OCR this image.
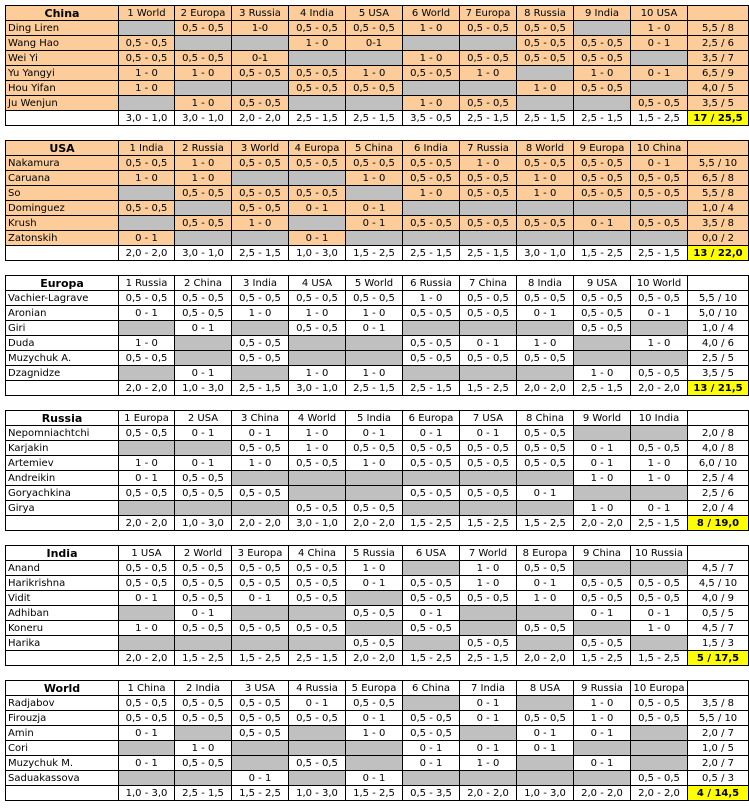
China	1 World	2 Europa	3 Russia	4 India	5 USA	6 World	7 Europa	8 Russia	9 India	10 USA	
Ding Liren		0,5 - 0,5	1-0	0,5 - 0,5	0,5 - 0,5	1 - 0	0,5 - 0,5	0,5 - 0,5		1 - 0	5,5 / 8
Wang Hao	0,5 - 0,5			1 - 0	0-1			0,5 - 0,5	0,5 - 0,5	0 - 1	2,5 / 6
Wei Yi	0,5 - 0,5	0,5 - 0,5	0-1			1 - 0	0,5 - 0,5	0,5 - 0,5	0,5 - 0,5		3,5 / 7
Yu Yangyi	1 - 0	1 - 0	0,5 - 0,5	0,5 - 0,5	1 - 0	0,5 - 0,5	1 - 0		1 - 0	0 - 1	6,5 / 9
Hou Yifan	1 - 0			0,5 - 0,5	0,5 - 0,5			1 - 0	0,5 - 0,5		4,0 / 5
Ju Wenjun		1 - 0	0,5 - 0,5			1 - 0	0,5 - 0,5			0,5 - 0,5	3,5 / 5
	3,0 - 1,0	3,0 - 1,0	2,0 - 2,0	2,5 - 1,5	2,5 - 1,5	3,5 - 0,5	2,5 - 1,5	2,5 - 1,5	2,5 - 1,5	1,5 - 2,5	17 / 25,5
USA	1 India	2 Russia	3 World	4 Europa	5 China	6 India	7 Russia	8 World	9 Europa	10 China	
Nakamura	0,5 - 0,5	1 - 0	0,5 - 0,5	0,5 - 0,5	0,5 - 0,5	0,5 - 0,5	1 - 0	0,5 - 0,5	0,5 - 0,5	0 - 1	5,5 / 10
Caruana	1 - 0	1 - 0			1 - 0	0,5 - 0,5	0,5 - 0,5	1 - 0	0,5 - 0,5	0,5 - 0,5	6,5 / 8
So		0,5 - 0,5	0,5 - 0,5	0,5 - 0,5		1 - 0	0,5 - 0,5	1 - 0	0,5 - 0,5	0,5 - 0,5	5,5 / 8
Dominguez	0,5 - 0,5		0,5 - 0,5	0 - 1	0 - 1						1,0 / 4
Krush		0,5 - 0,5	1 - 0		0 - 1	0,5 - 0,5	0,5 - 0,5	0,5 - 0,5	0 - 1	0,5 - 0,5	3,5 / 8
Zatonskih	0 - 1			0 - 1							0,0 / 2
	2,0 - 2,0	3,0 - 1,0	2,5 - 1,5	1,0 - 3,0	1,5 - 2,5	2,5 - 1,5	2,5 - 1,5	3,0 - 1,0	1,5 - 2,5	2,5 - 1,5	13 / 22,0
Europa	1 Russia	2 China	3 India	4 USA	5 World	6 Russia	7 China	8 India	9 USA	10 World	
Vachier-Lagrave	0,5 - 0,5	0,5 - 0,5	0,5 - 0,5	0,5 - 0,5	0,5 - 0,5	1 - 0	0,5 - 0,5	0,5 - 0,5	0,5 - 0,5	0,5 - 0,5	5,5 / 10
Aronian	0 - 1	0,5 - 0,5	1 - 0	1 - 0	1 - 0	0,5 - 0,5	0,5 - 0,5	0 - 1	0,5 - 0,5	0 - 1	5,0 / 10
Giri		0 - 1		0,5 - 0,5	0 - 1				0,5 - 0,5		1,0 / 4
Duda	1 - 0		0,5 - 0,5			0,5 - 0,5	0 - 1	1 - 0		1 - 0	4,0 / 6
Muzychuk A.	0,5 - 0,5		0,5 - 0,5			0,5 - 0,5	0,5 - 0,5	0,5 - 0,5			2,5 / 5
Dzagnidze		0 - 1		1 - 0	1 - 0				1 - 0	0,5 - 0,5	3,5 / 5
	2,0 - 2,0	1,0 - 3,0	2,5 - 1,5	3,0 - 1,0	2,5 - 1,5	2,5 - 1,5	1,5 - 2,5	2,0 - 2,0	2,5 - 1,5	2,0 - 2,0	13 / 21,5
Russia	1 Europa	2 USA	3 China	4 World	5 India	6 Europa	7 USA	8 China	9 World	10 India	
Nepomniachtchi	0,5 - 0,5	0 - 1	0 - 1	1 - 0	0 - 1	0 - 1	0 - 1	0,5 - 0,5			2,0 / 8
Karjakin			0,5 - 0,5	1 - 0	0,5 - 0,5	0,5 - 0,5	0,5 - 0,5	0,5 - 0,5	0 - 1	0,5 - 0,5	4,0 / 8
Artemiev	1 - 0	0 - 1	1 - 0	0,5 - 0,5	1 - 0	0,5 - 0,5	0,5 - 0,5	0,5 - 0,5	0 - 1	1 - 0	6,0 / 10
Andreikin	0 - 1	0,5 - 0,5							1 - 0	1 - 0	2,5 / 4
Goryachkina	0,5 - 0,5	0,5 - 0,5	0,5 - 0,5			0,5 - 0,5	0,5 - 0,5	0 - 1			2,5 / 6
Girya				0,5 - 0,5	0,5 - 0,5				1 - 0	0 - 1	2,0 / 4
	2,0 - 2,0	1,0 - 3,0	2,0 - 2,0	3,0 - 1,0	2,0 - 2,0	1,5 - 2,5	1,5 - 2,5	1,5 - 2,5	2,0 - 2,0	2,5 - 1,5	8 / 19,0
India	1 USA	2 World	3 Europa	4 China	5 Russia	6 USA	7 World	8 Europa	9 China	10 Russia	
Anand	0,5 - 0,5	0,5 - 0,5	0,5 - 0,5	0,5 - 0,5	1 - 0		1 - 0	0,5 - 0,5			4,5 / 7
Harikrishna	0,5 - 0,5	0,5 - 0,5	0,5 - 0,5	0,5 - 0,5	0 - 1	0,5 - 0,5	1 - 0	0 - 1	0,5 - 0,5	0,5 - 0,5	4,5 / 10
Vidit	0 - 1	0,5 - 0,5	0 - 1	0,5 - 0,5		0,5 - 0,5	0,5 - 0,5	1 - 0	0,5 - 0,5	0,5 - 0,5	4,0 / 9
Adhiban		0 - 1			0,5 - 0,5	0 - 1			0 - 1	0 - 1	0,5 / 5
Koneru	1 - 0	0,5 - 0,5	0,5 - 0,5	0,5 - 0,5		0,5 - 0,5		0,5 - 0,5		1 - 0	4,5 / 7
Harika					0,5 - 0,5		0,5 - 0,5		0,5 - 0,5		1,5 / 3
	2,0 - 2,0	1,5 - 2,5	1,5 - 2,5	2,5 - 1,5	2,0 - 2,0	1,5 - 2,5	2,5 - 1,5	2,0 - 2,0	1,5 - 2,5	1,5 - 2,5	5 / 17,5
World	1 China	2 India	3 USA	4 Russia	5 Europa	6 China	7 India	8 USA	9 Russia	10 Europa	
Radjabov	0,5 - 0,5	0,5 - 0,5	0,5 - 0,5	0 - 1	0,5 - 0,5		0 - 1		1 - 0	0,5 - 0,5	3,5 / 8
Firouzja	0,5 - 0,5	0,5 - 0,5	0,5 - 0,5	0,5 - 0,5	0 - 1	0,5 - 0,5	0 - 1	0,5 - 0,5	1 - 0	0,5 - 0,5	5,5 / 10
Amin	0 - 1		0,5 - 0,5		1 - 0	0,5 - 0,5		0 - 1	0 - 1		2,0 / 7
Cori		1 - 0				0 - 1	0 - 1	0 - 1			1,0 / 5
Muzychuk M.	0 - 1	0,5 - 0,5		0,5 - 0,5		0 - 1	1 - 0		0 - 1		2,0 / 7
Saduakassova			0 - 1		0 - 1					0,5 - 0,5	0,5 / 3
	1,0 - 3,0	2,5 - 1,5	1,5 - 2,5	1,0 - 3,0	1,5 - 2,5	0,5 - 3,5	2,0 - 2,0	1,0 - 3,0	2,0 - 2,0	2,0 - 2,0	4 / 14,5
